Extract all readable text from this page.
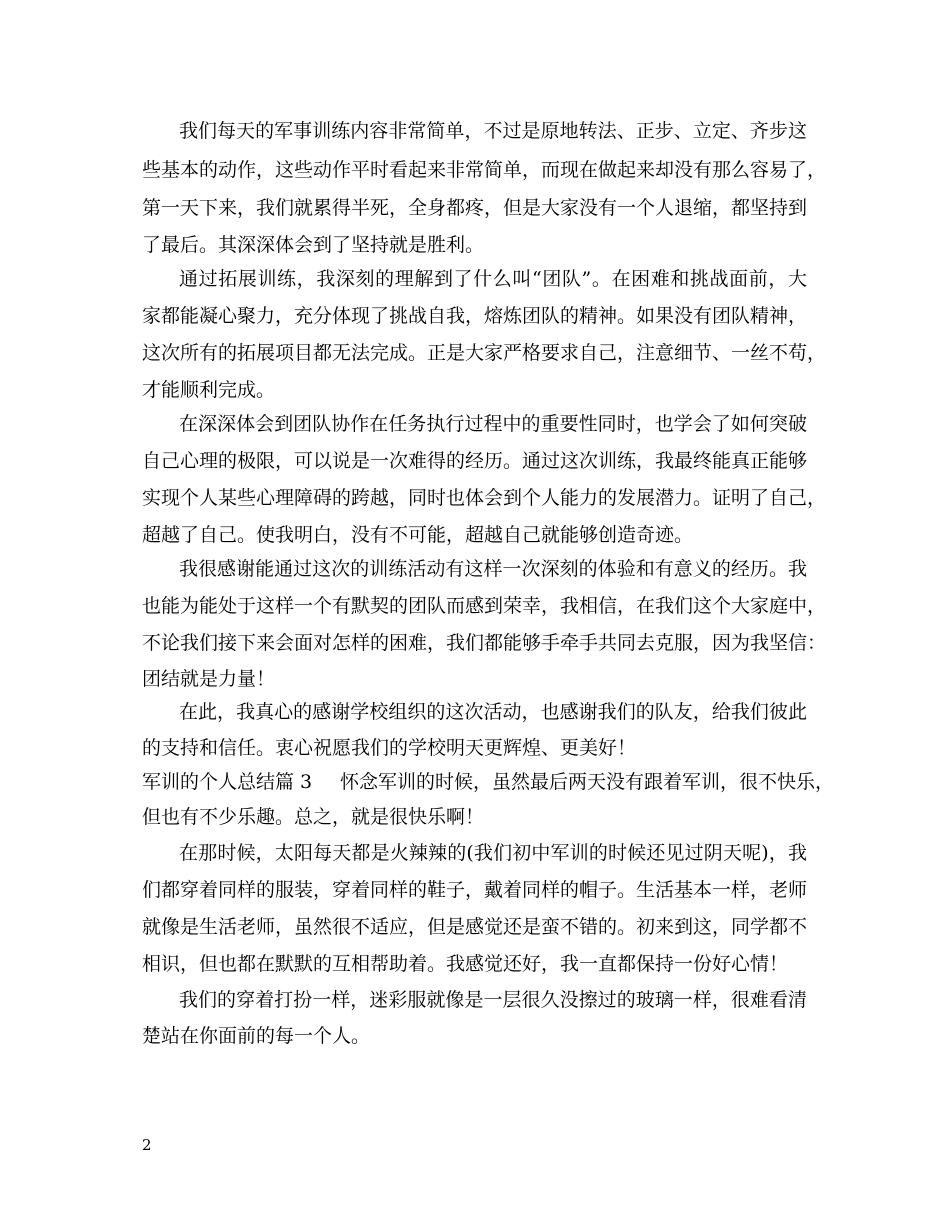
我们每天的军事训练内容非常简单，不过是原地转法、正步、立定、齐步这
些基本的动作，这些动作平时看起来非常简单，而现在做起来却没有那么容易了，
第一天下来，我们就累得半死，全身都疼，但是大家没有一个人退缩，都坚持到
了最后。其深深体会到了坚持就是胜利。
通过拓展训练，我深刻的理解到了什么叫“团队”。在困难和挑战面前，大
家都能凝心聚力，充分体现了挑战自我，熔炼团队的精神。如果没有团队精神，
这次所有的拓展项目都无法完成。正是大家严格要求自己，注意细节、一丝不苟，
才能顺利完成。
在深深体会到团队协作在任务执行过程中的重要性同时，也学会了如何突破
自己心理的极限，可以说是一次难得的经历。通过这次训练，我最终能真正能够
实现个人某些心理障碍的跨越，同时也体会到个人能力的发展潜力。证明了自己，
超越了自己。使我明白，没有不可能，超越自己就能够创造奇迹。
我很感谢能通过这次的训练活动有这样一次深刻的体验和有意义的经历。我
也能为能处于这样一个有默契的团队而感到荣幸，我相信，在我们这个大家庭中，
不论我们接下来会面对怎样的困难，我们都能够手牵手共同去克服，因为我坚信：
团结就是力量！
在此，我真心的感谢学校组织的这次活动，也感谢我们的队友，给我们彼此
的支持和信任。衷心祝愿我们的学校明天更辉煌、更美好！
军训的个人总结篇 3	怀念军训的时候，虽然最后两天没有跟着军训，很不快乐，
但也有不少乐趣。总之，就是很快乐啊！
在那时候，太阳每天都是火辣辣的(我们初中军训的时候还见过阴天呢)，我
们都穿着同样的服装，穿着同样的鞋子，戴着同样的帽子。生活基本一样，老师
就像是生活老师，虽然很不适应，但是感觉还是蛮不错的。初来到这，同学都不
相识，但也都在默默的互相帮助着。我感觉还好，我一直都保持一份好心情！
我们的穿着打扮一样，迷彩服就像是一层很久没擦过的玻璃一样，很难看清
楚站在你面前的每一个人。
2
